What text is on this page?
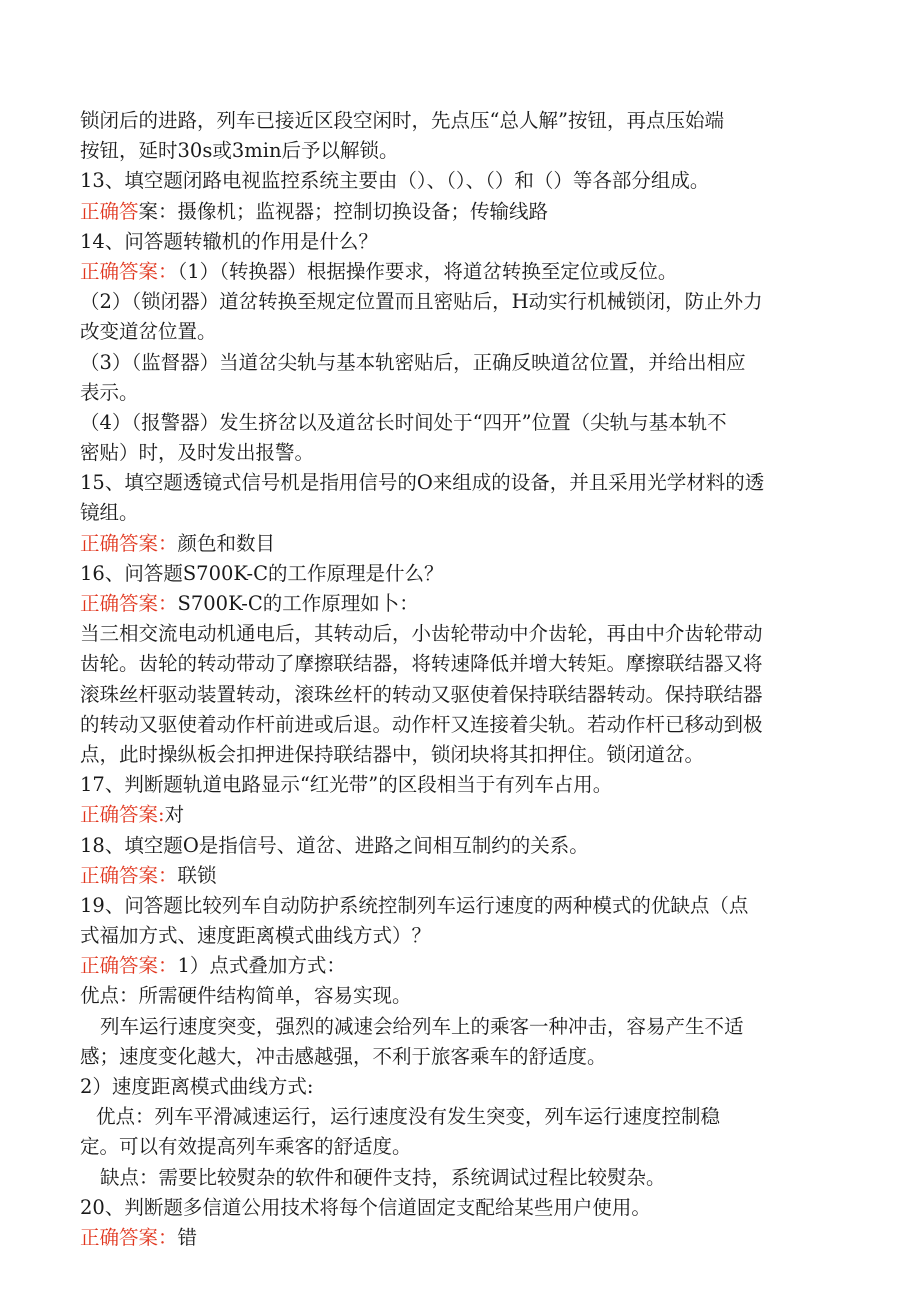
锁闭后的进路，列车已接近区段空闲时，先点压“总人解”按钮，再点压始端
按钮，延时30s或3min后予以解锁。
13、填空题闭路电视监控系统主要由（）、（）、（）和（）等各部分组成。
正确答案：摄像机；监视器；控制切换设备；传输线路
14、问答题转辙机的作用是什么？
正确答案：（1）（转换器）根据操作要求，将道岔转换至定位或反位。
（2）（锁闭器）道岔转换至规定位置而且密贴后，H动实行机械锁闭，防止外力
改变道岔位置。
（3）（监督器）当道岔尖轨与基本轨密贴后，正确反映道岔位置，并给出相应
表示。
（4）（报警器）发生挤岔以及道岔长时间处于“四开”位置（尖轨与基本轨不
密贴）时，及时发出报警。
15、填空题透镜式信号机是指用信号的O来组成的设备，并且采用光学材料的透
镜组。
正确答案：颜色和数目
16、问答题S700K-C的工作原理是什么？
正确答案：S700K-C的工作原理如卜：
当三相交流电动机通电后，其转动后，小齿轮带动中介齿轮，再由中介齿轮带动
齿轮。齿轮的转动带动了摩擦联结器，将转速降低并增大转矩。摩擦联结器又将
滚珠丝杆驱动装置转动，滚珠丝杆的转动又驱使着保持联结器转动。保持联结器
的转动又驱使着动作杆前进或后退。动作杆又连接着尖轨。若动作杆已移动到极
点，此时操纵板会扣押进保持联结器中，锁闭块将其扣押住。锁闭道岔。
17、判断题轨道电路显示“红光带”的区段相当于有列车占用。
正确答案:对
18、填空题O是指信号、道岔、进路之间相互制约的关系。
正确答案：联锁
19、问答题比较列车自动防护系统控制列车运行速度的两种模式的优缺点（点
式福加方式、速度距离模式曲线方式）？
正确答案：1）点式叠加方式：
优点：所需硬件结构简单，容易实现。
列车运行速度突变，强烈的减速会给列车上的乘客一种冲击，容易产生不适
感；速度变化越大，冲击感越强，不利于旅客乘车的舒适度。
2）速度距离模式曲线方式:
优点：列车平滑减速运行，运行速度没有发生突变，列车运行速度控制稳
定。可以有效提高列车乘客的舒适度。
缺点：需要比较熨杂的软件和硬件支持，系统调试过程比较熨杂。
20、判断题多信道公用技术将每个信道固定支配给某些用户使用。
正确答案：错
